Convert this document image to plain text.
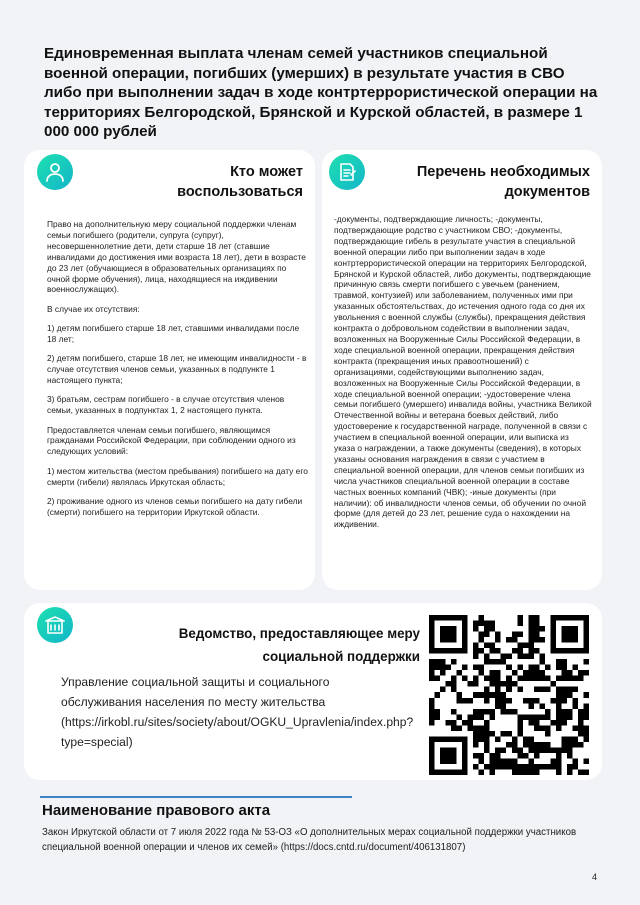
Единовременная выплата членам семей участников специальной военной операции, погибших (умерших) в результате участия в СВО либо при выполнении задач в ходе контртеррористической операции на территориях Белгородской, Брянской и Курской областей, в размере 1 000 000 рублей
Кто может воспользоваться

Право на дополнительную меру социальной поддержки членам семьи погибшего (родители, супруга (супруг), несовершеннолетние дети, дети старше 18 лет (ставшие инвалидами до достижения ими возраста 18 лет), дети в возрасте до 23 лет (обучающиеся в образовательных организациях по очной форме обучения), лица, находящиеся на иждивении военнослужащих).

В случае их отсутствия:

1) детям погибшего старше 18 лет, ставшими инвалидами после 18 лет;

2) детям погибшего, старше 18 лет, не имеющим инвалидности - в случае отсутствия членов семьи, указанных в подпункте 1 настоящего пункта;

3) братьям, сестрам погибшего - в случае отсутствия членов семьи, указанных в подпунктах 1, 2 настоящего пункта.

Предоставляется членам семьи погибшего, являющимся гражданами Российской Федерации, при соблюдении одного из следующих условий:

1) местом жительства (местом пребывания) погибшего на дату его смерти (гибели) являлась Иркутская область;

2) проживание одного из членов семьи погибшего на дату гибели (смерти) погибшего на территории Иркутской области.

Перечень необходимых документов
-документы, подтверждающие личность; -документы, подтверждающие родство с участником СВО; -документы, подтверждающие гибель в результате участия в специальной военной операции либо при выполнении задач в ходе контртеррористической операции на территориях Белгородской, Брянской и Курской областей, либо документы, подтверждающие причинную связь смерти погибшего с увечьем (ранением, травмой, контузией) или заболеванием, полученных ими при указанных обстоятельствах, до истечения одного года со дня их увольнения с военной службы (службы), прекращения действия контракта о добровольном содействии в выполнении задач, возложенных на Вооруженные Силы Российской Федерации, в ходе специальной военной операции, прекращения действия контракта (прекращения иных правоотношений) с организациями, содействующими выполнению задач, возложенных на Вооруженные Силы Российской Федерации, в ходе специальной военной операции; -удостоверение члена семьи погибшего (умершего) инвалида войны, участника Великой Отечественной войны и ветерана боевых действий, либо удостоверение к государственной награде, полученной в связи с участием в специальной военной операции, или выписка из указа о награждении, а также документы (сведения), в которых указаны основания награждения в связи с участием в специальной военной операции, для членов семьи погибших из числа участников специальной военной операции в составе частных военных компаний (ЧВК); -иные документы (при наличии): об инвалидности членов семьи, об обучении по очной форме (для детей до 23 лет, решение суда о нахождении на иждивении.
Ведомство, предоставляющее меру социальной поддержки
Управление социальной защиты и социального обслуживания населения по месту жительства (https://irkobl.ru/sites/society/about/OGKU_Upravlenia/index.php?type=special)
Наименование правового акта
Закон Иркутской области от 7 июля 2022 года № 53-ОЗ «О дополнительных мерах социальной поддержки участников специальной военной операции и членов их семей» (https://docs.cntd.ru/document/406131807)
4
